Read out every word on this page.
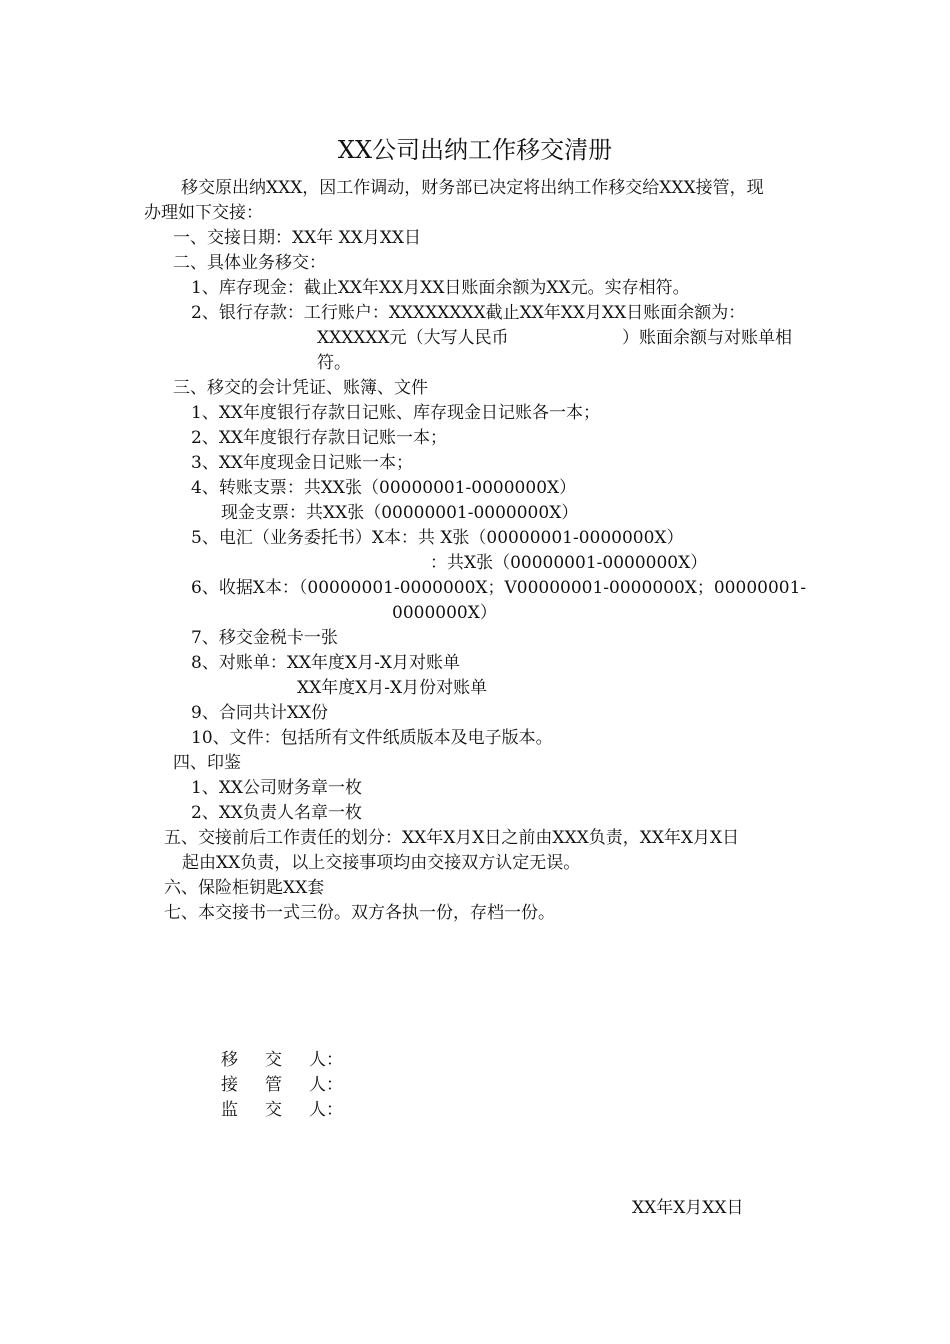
XX公司出纳工作移交清册
移交原出纳XXX，因工作调动，财务部已决定将出纳工作移交给XXX接管，现
办理如下交接：
一、交接日期：XX年 XX月XX日
二、具体业务移交：
1、库存现金：截止XX年XX月XX日账面余额为XX元。实存相符。
2、银行存款：工行账户：XXXXXXXX截止XX年XX月XX日账面余额为：
XXXXXX元（大写人民币	）账面余额与对账单相
符。
三、移交的会计凭证、账簿、文件
1、XX年度银行存款日记账、库存现金日记账各一本；
2、XX年度银行存款日记账一本；
3、XX年度现金日记账一本；
4、转账支票：共XX张（00000001-0000000X）
现金支票：共XX张（00000001-0000000X）
5、电汇（业务委托书）X本：共 X张（00000001-0000000X）
：共X张（00000001-0000000X）
6、收据X本：（00000001-0000000X；V00000001-0000000X；00000001-
0000000X）
7、移交金税卡一张
8、对账单：XX年度X月-X月对账单
XX年度X月-X月份对账单
9、合同共计XX份
10、文件：包括所有文件纸质版本及电子版本。
四、印鉴
1、XX公司财务章一枚
2、XX负责人名章一枚
五、交接前后工作责任的划分：XX年X月X日之前由XXX负责，XX年X月X日
起由XX负责，以上交接事项均由交接双方认定无误。
六、保险柜钥匙XX套
七、本交接书一式三份。双方各执一份，存档一份。
移 交 人：
接 管 人：
监 交 人：
XX年X月XX日
